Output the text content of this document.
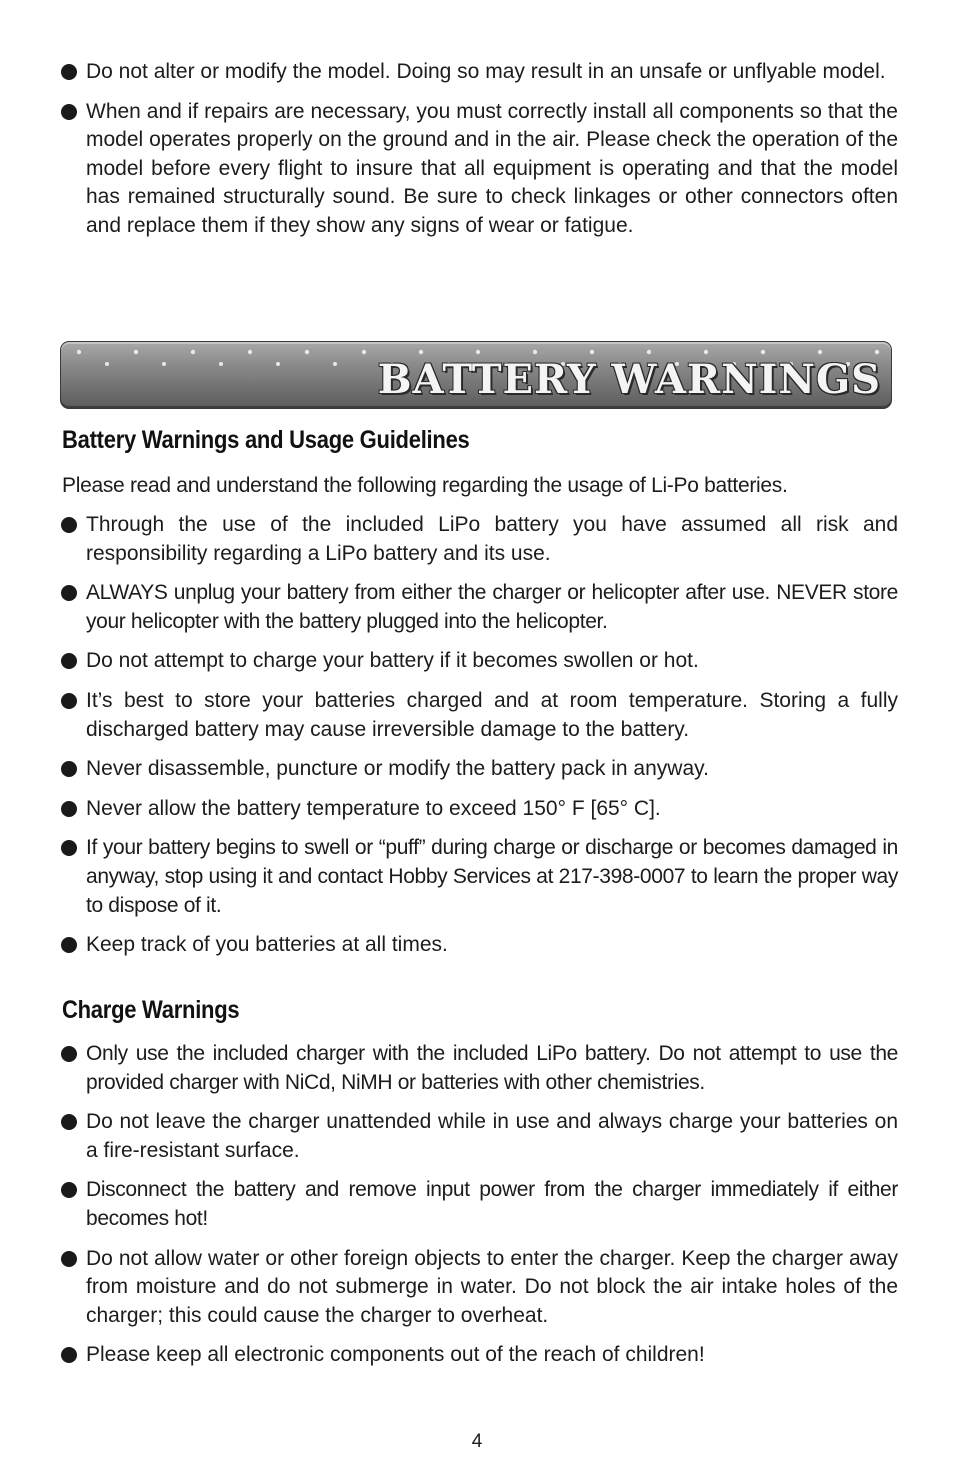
Do not alter or modify the model. Doing so may result in an unsafe or unflyable model.
When and if repairs are necessary, you must correctly install all components so that the model operates properly on the ground and in the air. Please check the operation of the model before every flight to insure that all equipment is operating and that the model has remained structurally sound. Be sure to check linkages or other connectors often and replace them if they show any signs of wear or fatigue.
BATTERY WARNINGS
Battery Warnings and Usage Guidelines
Please read and understand the following regarding the usage of Li-Po batteries.
Through the use of the included LiPo battery you have assumed all risk and responsibility regarding a LiPo battery and its use.
ALWAYS unplug your battery from either the charger or helicopter after use. NEVER store your helicopter with the battery plugged into the helicopter.
Do not attempt to charge your battery if it becomes swollen or hot.
It’s best to store your batteries charged and at room temperature. Storing a fully discharged battery may cause irreversible damage to the battery.
Never disassemble, puncture or modify the battery pack in anyway.
Never allow the battery temperature to exceed 150° F [65° C].
If your battery begins to swell or “puff” during charge or discharge or becomes damaged in anyway, stop using it and contact Hobby Services at 217-398-0007 to learn the proper way to dispose of it.
Keep track of you batteries at all times.
Charge Warnings
Only use the included charger with the included LiPo battery. Do not attempt to use the provided charger with NiCd, NiMH or batteries with other chemistries.
Do not leave the charger unattended while in use and always charge your batteries on a fire-resistant surface.
Disconnect the battery and remove input power from the charger immediately if either becomes hot!
Do not allow water or other foreign objects to enter the charger. Keep the charger away from moisture and do not submerge in water. Do not block the air intake holes of the charger; this could cause the charger to overheat.
Please keep all electronic components out of the reach of children!
4
